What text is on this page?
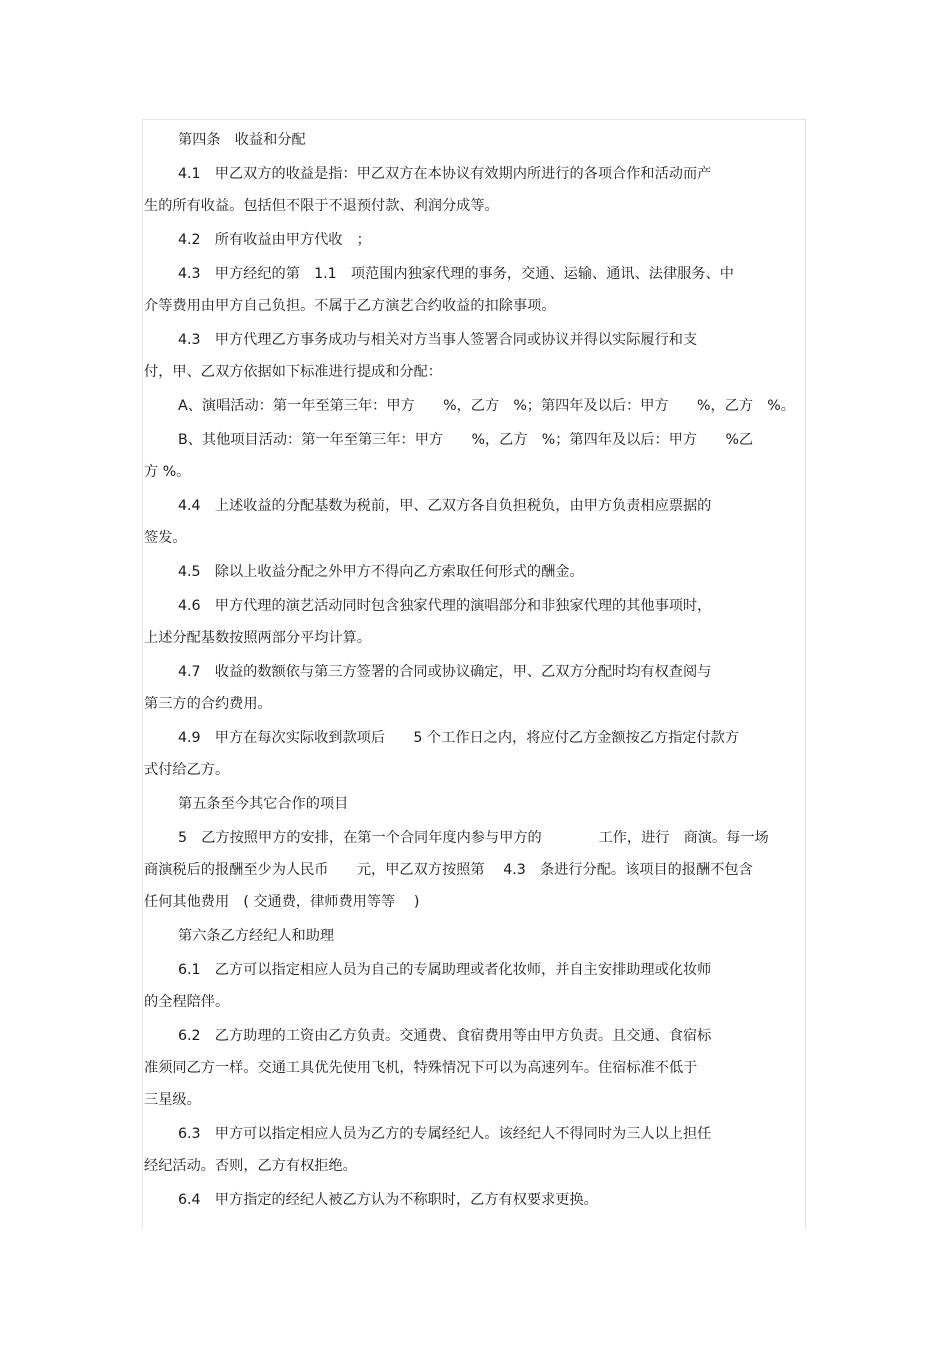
第四条　收益和分配
4.1　甲乙双方的收益是指：甲乙双方在本协议有效期内所进行的各项合作和活动而产
生的所有收益。包括但不限于不退预付款、利润分成等。
4.2　所有收益由甲方代收　；
4.3　甲方经纪的第　1.1　项范围内独家代理的事务，交通、运输、通讯、法律服务、中
介等费用由甲方自己负担。不属于乙方演艺合约收益的扣除事项。
4.3　甲方代理乙方事务成功与相关对方当事人签署合同或协议并得以实际履行和支
付，甲、乙双方依据如下标准进行提成和分配：
A、演唱活动：第一年至第三年：甲方　　%，乙方　%；第四年及以后：甲方　　%，乙方　%。
B、其他项目活动：第一年至第三年：甲方　　%，乙方　%；第四年及以后：甲方　　%乙
方 %。
4.4　上述收益的分配基数为税前，甲、乙双方各自负担税负，由甲方负责相应票据的
签发。
4.5　除以上收益分配之外甲方不得向乙方索取任何形式的酬金。
4.6　甲方代理的演艺活动同时包含独家代理的演唱部分和非独家代理的其他事项时，
上述分配基数按照两部分平均计算。
4.7　收益的数额依与第三方签署的合同或协议确定，甲、乙双方分配时均有权查阅与
第三方的合约费用。
4.9　甲方在每次实际收到款项后　　5 个工作日之内，将应付乙方金额按乙方指定付款方
式付给乙方。
第五条至今其它合作的项目
5　乙方按照甲方的安排，在第一个合同年度内参与甲方的　　　　工作，进行　商演。每一场
商演税后的报酬至少为人民币　　元，甲乙双方按照第　 4.3　条进行分配。该项目的报酬不包含
任何其他费用　( 交通费，律师费用等等　 )
第六条乙方经纪人和助理
6.1　乙方可以指定相应人员为自己的专属助理或者化妆师，并自主安排助理或化妆师
的全程陪伴。
6.2　乙方助理的工资由乙方负责。交通费、食宿费用等由甲方负责。且交通、食宿标
准须同乙方一样。交通工具优先使用飞机，特殊情况下可以为高速列车。住宿标准不低于
三星级。
6.3　甲方可以指定相应人员为乙方的专属经纪人。该经纪人不得同时为三人以上担任
经纪活动。否则，乙方有权拒绝。
6.4　甲方指定的经纪人被乙方认为不称职时，乙方有权要求更换。
